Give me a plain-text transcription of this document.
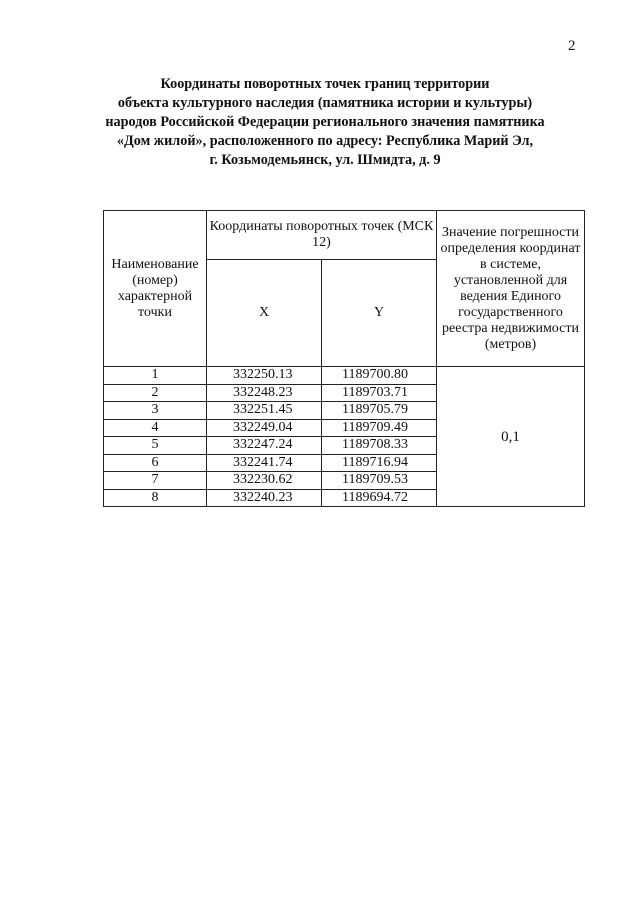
2
Координаты поворотных точек границ территории
объекта культурного наследия (памятника истории и культуры)
народов Российской Федерации регионального значения памятника
«Дом жилой», расположенного по адресу: Республика Марий Эл,
г. Козьмодемьянск, ул. Шмидта, д. 9
Наименование (номер) характерной точки	Координаты поворотных точек (МСК 12)		Значение погрешности определения координат в системе, установленной для ведения Единого государственного реестра недвижимости (метров)
	X	Y	
1	332250.13	1189700.80	0,1
2	332248.23	1189703.71	
3	332251.45	1189705.79	
4	332249.04	1189709.49	
5	332247.24	1189708.33	
6	332241.74	1189716.94	
7	332230.62	1189709.53	
8	332240.23	1189694.72	
